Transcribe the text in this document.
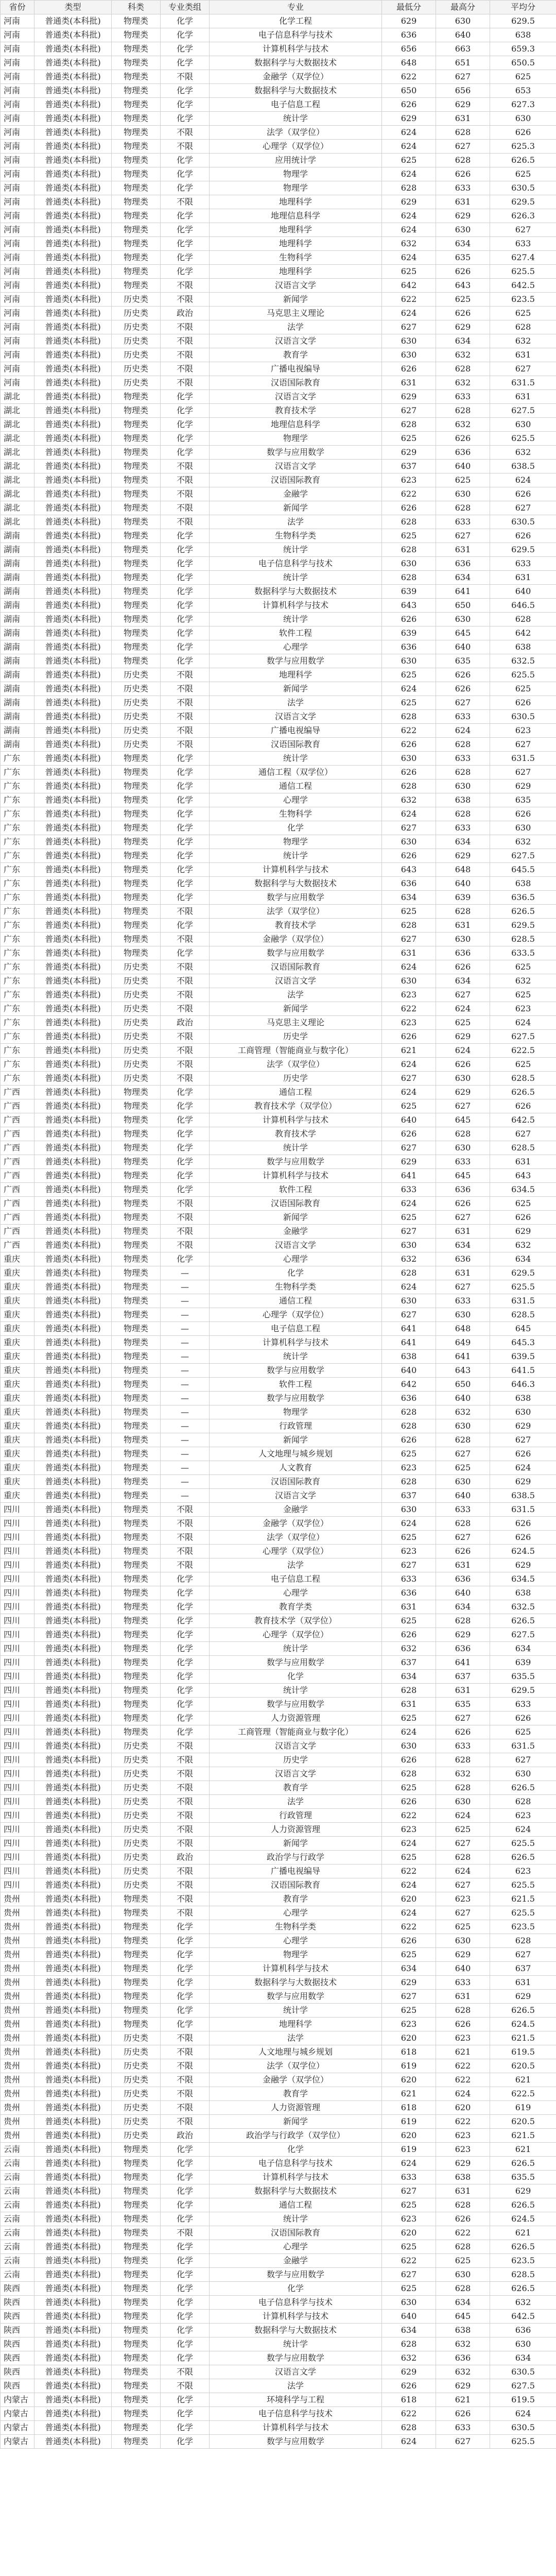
省份	类型	科类	专业类组	专业	最低分	最高分	平均分
河南	普通类(本科批)	物理类	化学	化学工程	629	630	629.5
河南	普通类(本科批)	物理类	化学	电子信息科学与技术	636	640	638
河南	普通类(本科批)	物理类	化学	计算机科学与技术	656	663	659.3
河南	普通类(本科批)	物理类	化学	数据科学与大数据技术	648	651	650.5
河南	普通类(本科批)	物理类	不限	金融学（双学位）	622	627	625
河南	普通类(本科批)	物理类	化学	数据科学与大数据技术	650	656	653
河南	普通类(本科批)	物理类	化学	电子信息工程	626	629	627.3
河南	普通类(本科批)	物理类	化学	统计学	629	631	630
河南	普通类(本科批)	物理类	不限	法学（双学位）	624	628	626
河南	普通类(本科批)	物理类	不限	心理学（双学位）	624	627	625.3
河南	普通类(本科批)	物理类	化学	应用统计学	625	628	626.5
河南	普通类(本科批)	物理类	化学	物理学	624	626	625
河南	普通类(本科批)	物理类	化学	物理学	628	633	630.5
河南	普通类(本科批)	物理类	不限	地理科学	629	631	629.5
河南	普通类(本科批)	物理类	化学	地理信息科学	624	629	626.3
河南	普通类(本科批)	物理类	化学	地理科学	624	630	627
河南	普通类(本科批)	物理类	化学	地理科学	632	634	633
河南	普通类(本科批)	物理类	化学	生物科学	624	635	627.4
河南	普通类(本科批)	物理类	化学	地理科学	625	626	625.5
河南	普通类(本科批)	物理类	不限	汉语言文学	642	643	642.5
河南	普通类(本科批)	历史类	不限	新闻学	622	625	623.5
河南	普通类(本科批)	历史类	政治	马克思主义理论	624	626	625
河南	普通类(本科批)	历史类	不限	法学	627	629	628
河南	普通类(本科批)	历史类	不限	汉语言文学	630	634	632
河南	普通类(本科批)	历史类	不限	教育学	630	632	631
河南	普通类(本科批)	历史类	不限	广播电视编导	626	628	627
河南	普通类(本科批)	历史类	不限	汉语国际教育	631	632	631.5
湖北	普通类(本科批)	物理类	化学	汉语言文学	629	633	631
湖北	普通类(本科批)	物理类	化学	教育技术学	627	628	627.5
湖北	普通类(本科批)	物理类	化学	地理信息科学	628	632	630
湖北	普通类(本科批)	物理类	化学	物理学	625	626	625.5
湖北	普通类(本科批)	物理类	化学	数学与应用数学	629	636	632
湖北	普通类(本科批)	物理类	不限	汉语言文学	637	640	638.5
湖北	普通类(本科批)	物理类	不限	汉语国际教育	623	625	624
湖北	普通类(本科批)	物理类	不限	金融学	622	630	626
湖北	普通类(本科批)	物理类	不限	新闻学	626	628	627
湖北	普通类(本科批)	物理类	不限	法学	628	633	630.5
湖南	普通类(本科批)	物理类	化学	生物科学类	625	627	626
湖南	普通类(本科批)	物理类	化学	统计学	628	631	629.5
湖南	普通类(本科批)	物理类	化学	电子信息科学与技术	630	636	633
湖南	普通类(本科批)	物理类	化学	统计学	628	634	631
湖南	普通类(本科批)	物理类	化学	数据科学与大数据技术	639	641	640
湖南	普通类(本科批)	物理类	化学	计算机科学与技术	643	650	646.5
湖南	普通类(本科批)	物理类	化学	统计学	626	630	628
湖南	普通类(本科批)	物理类	化学	软件工程	639	645	642
湖南	普通类(本科批)	物理类	化学	心理学	636	640	638
湖南	普通类(本科批)	物理类	化学	数学与应用数学	630	635	632.5
湖南	普通类(本科批)	历史类	不限	地理科学	625	626	625.5
湖南	普通类(本科批)	历史类	不限	新闻学	624	626	625
湖南	普通类(本科批)	历史类	不限	法学	625	627	626
湖南	普通类(本科批)	历史类	不限	汉语言文学	628	633	630.5
湖南	普通类(本科批)	历史类	不限	广播电视编导	622	624	623
湖南	普通类(本科批)	历史类	不限	汉语国际教育	626	628	627
广东	普通类(本科批)	物理类	化学	统计学	630	633	631.5
广东	普通类(本科批)	物理类	化学	通信工程（双学位）	626	628	627
广东	普通类(本科批)	物理类	化学	通信工程	628	630	629
广东	普通类(本科批)	物理类	化学	心理学	632	638	635
广东	普通类(本科批)	物理类	化学	生物科学	624	628	626
广东	普通类(本科批)	物理类	化学	化学	627	633	630
广东	普通类(本科批)	物理类	化学	物理学	630	634	632
广东	普通类(本科批)	物理类	化学	统计学	626	629	627.5
广东	普通类(本科批)	物理类	化学	计算机科学与技术	643	648	645.5
广东	普通类(本科批)	物理类	化学	数据科学与大数据技术	636	640	638
广东	普通类(本科批)	物理类	化学	数学与应用数学	634	639	636.5
广东	普通类(本科批)	物理类	不限	法学（双学位）	625	628	626.5
广东	普通类(本科批)	物理类	化学	教育技术学	628	631	629.5
广东	普通类(本科批)	物理类	不限	金融学（双学位）	627	630	628.5
广东	普通类(本科批)	物理类	化学	数学与应用数学	631	636	633.5
广东	普通类(本科批)	历史类	不限	汉语国际教育	624	626	625
广东	普通类(本科批)	历史类	不限	汉语言文学	630	634	632
广东	普通类(本科批)	历史类	不限	法学	623	627	625
广东	普通类(本科批)	历史类	不限	新闻学	622	624	623
广东	普通类(本科批)	历史类	政治	马克思主义理论	623	625	624
广东	普通类(本科批)	历史类	不限	历史学	626	629	627.5
广东	普通类(本科批)	历史类	不限	工商管理（智能商业与数字化）	621	624	622.5
广东	普通类(本科批)	历史类	不限	法学（双学位）	624	626	625
广东	普通类(本科批)	历史类	不限	历史学	627	630	628.5
广西	普通类(本科批)	物理类	化学	通信工程	624	629	626.5
广西	普通类(本科批)	物理类	化学	教育技术学（双学位）	625	627	626
广西	普通类(本科批)	物理类	化学	计算机科学与技术	640	645	642.5
广西	普通类(本科批)	物理类	化学	教育技术学	626	628	627
广西	普通类(本科批)	物理类	化学	统计学	627	630	628.5
广西	普通类(本科批)	物理类	化学	数学与应用数学	629	633	631
广西	普通类(本科批)	物理类	化学	计算机科学与技术	641	645	643
广西	普通类(本科批)	物理类	化学	软件工程	633	636	634.5
广西	普通类(本科批)	物理类	不限	汉语国际教育	624	626	625
广西	普通类(本科批)	物理类	不限	新闻学	625	627	626
广西	普通类(本科批)	物理类	不限	金融学	627	631	629
广西	普通类(本科批)	物理类	不限	汉语言文学	630	634	632
重庆	普通类(本科批)	物理类	化学	心理学	632	636	634
重庆	普通类(本科批)	物理类	—	化学	628	631	629.5
重庆	普通类(本科批)	物理类	—	生物科学类	624	627	625.5
重庆	普通类(本科批)	物理类	—	通信工程	630	633	631.5
重庆	普通类(本科批)	物理类	—	心理学（双学位）	627	630	628.5
重庆	普通类(本科批)	物理类	—	电子信息工程	641	648	645
重庆	普通类(本科批)	物理类	—	计算机科学与技术	641	649	645.3
重庆	普通类(本科批)	物理类	—	统计学	638	641	639.5
重庆	普通类(本科批)	物理类	—	数学与应用数学	640	643	641.5
重庆	普通类(本科批)	物理类	—	软件工程	642	650	646.3
重庆	普通类(本科批)	物理类	—	数学与应用数学	636	640	638
重庆	普通类(本科批)	物理类	—	物理学	628	632	630
重庆	普通类(本科批)	物理类	—	行政管理	628	630	629
重庆	普通类(本科批)	物理类	—	新闻学	626	628	627
重庆	普通类(本科批)	物理类	—	人文地理与城乡规划	625	627	626
重庆	普通类(本科批)	物理类	—	人文教育	623	625	624
重庆	普通类(本科批)	物理类	—	汉语国际教育	628	630	629
重庆	普通类(本科批)	物理类	—	汉语言文学	637	640	638.5
四川	普通类(本科批)	物理类	不限	金融学	630	633	631.5
四川	普通类(本科批)	物理类	不限	金融学（双学位）	624	628	626
四川	普通类(本科批)	物理类	不限	法学（双学位）	625	627	626
四川	普通类(本科批)	物理类	不限	心理学（双学位）	623	626	624.5
四川	普通类(本科批)	物理类	不限	法学	627	631	629
四川	普通类(本科批)	物理类	化学	电子信息工程	633	636	634.5
四川	普通类(本科批)	物理类	化学	心理学	636	640	638
四川	普通类(本科批)	物理类	化学	教育学类	631	634	632.5
四川	普通类(本科批)	物理类	化学	教育技术学（双学位）	625	628	626.5
四川	普通类(本科批)	物理类	化学	心理学（双学位）	626	629	627.5
四川	普通类(本科批)	物理类	化学	统计学	632	636	634
四川	普通类(本科批)	物理类	化学	数学与应用数学	637	641	639
四川	普通类(本科批)	物理类	化学	化学	634	637	635.5
四川	普通类(本科批)	物理类	化学	统计学	628	631	629.5
四川	普通类(本科批)	物理类	化学	数学与应用数学	631	635	633
四川	普通类(本科批)	物理类	化学	人力资源管理	625	627	626
四川	普通类(本科批)	物理类	化学	工商管理（智能商业与数字化）	624	626	625
四川	普通类(本科批)	历史类	不限	汉语言文学	630	633	631.5
四川	普通类(本科批)	历史类	不限	历史学	626	628	627
四川	普通类(本科批)	历史类	不限	汉语言文学	628	632	630
四川	普通类(本科批)	历史类	不限	教育学	625	628	626.5
四川	普通类(本科批)	历史类	不限	法学	626	630	628
四川	普通类(本科批)	历史类	不限	行政管理	622	624	623
四川	普通类(本科批)	历史类	不限	人力资源管理	623	625	624
四川	普通类(本科批)	历史类	不限	新闻学	624	627	625.5
四川	普通类(本科批)	历史类	政治	政治学与行政学	625	628	626.5
四川	普通类(本科批)	历史类	不限	广播电视编导	622	624	623
四川	普通类(本科批)	历史类	不限	汉语国际教育	624	627	625.5
贵州	普通类(本科批)	物理类	不限	教育学	620	623	621.5
贵州	普通类(本科批)	物理类	不限	心理学	624	627	625.5
贵州	普通类(本科批)	物理类	化学	生物科学类	622	625	623.5
贵州	普通类(本科批)	物理类	化学	心理学	626	630	628
贵州	普通类(本科批)	物理类	化学	物理学	625	629	627
贵州	普通类(本科批)	物理类	化学	计算机科学与技术	634	640	637
贵州	普通类(本科批)	物理类	化学	数据科学与大数据技术	629	633	631
贵州	普通类(本科批)	物理类	化学	数学与应用数学	627	631	629
贵州	普通类(本科批)	物理类	化学	统计学	625	628	626.5
贵州	普通类(本科批)	物理类	化学	地理科学	623	626	624.5
贵州	普通类(本科批)	历史类	不限	法学	620	623	621.5
贵州	普通类(本科批)	历史类	不限	人文地理与城乡规划	618	621	619.5
贵州	普通类(本科批)	历史类	不限	法学（双学位）	619	622	620.5
贵州	普通类(本科批)	历史类	不限	金融学（双学位）	620	622	621
贵州	普通类(本科批)	历史类	不限	教育学	621	624	622.5
贵州	普通类(本科批)	历史类	不限	人力资源管理	618	620	619
贵州	普通类(本科批)	历史类	不限	新闻学	619	622	620.5
贵州	普通类(本科批)	历史类	政治	政治学与行政学（双学位）	620	623	621.5
云南	普通类(本科批)	物理类	化学	化学	619	623	621
云南	普通类(本科批)	物理类	化学	电子信息科学与技术	624	629	626.5
云南	普通类(本科批)	物理类	化学	计算机科学与技术	633	638	635.5
云南	普通类(本科批)	物理类	化学	数据科学与大数据技术	627	631	629
云南	普通类(本科批)	物理类	化学	通信工程	625	628	626.5
云南	普通类(本科批)	物理类	化学	统计学	623	626	624.5
云南	普通类(本科批)	物理类	不限	汉语国际教育	620	622	621
云南	普通类(本科批)	物理类	化学	心理学	625	628	626.5
云南	普通类(本科批)	物理类	化学	金融学	622	625	623.5
云南	普通类(本科批)	物理类	化学	数学与应用数学	627	630	628.5
陕西	普通类(本科批)	物理类	化学	化学	625	628	626.5
陕西	普通类(本科批)	物理类	化学	电子信息科学与技术	630	634	632
陕西	普通类(本科批)	物理类	化学	计算机科学与技术	640	645	642.5
陕西	普通类(本科批)	物理类	化学	数据科学与大数据技术	634	638	636
陕西	普通类(本科批)	物理类	化学	统计学	628	632	630
陕西	普通类(本科批)	物理类	化学	数学与应用数学	632	636	634
陕西	普通类(本科批)	物理类	不限	汉语言文学	629	632	630.5
陕西	普通类(本科批)	物理类	不限	法学	626	629	627.5
内蒙古	普通类(本科批)	物理类	化学	环境科学与工程	618	621	619.5
内蒙古	普通类(本科批)	物理类	化学	电子信息科学与技术	622	626	624
内蒙古	普通类(本科批)	物理类	化学	计算机科学与技术	628	633	630.5
内蒙古	普通类(本科批)	物理类	化学	数学与应用数学	624	627	625.5
